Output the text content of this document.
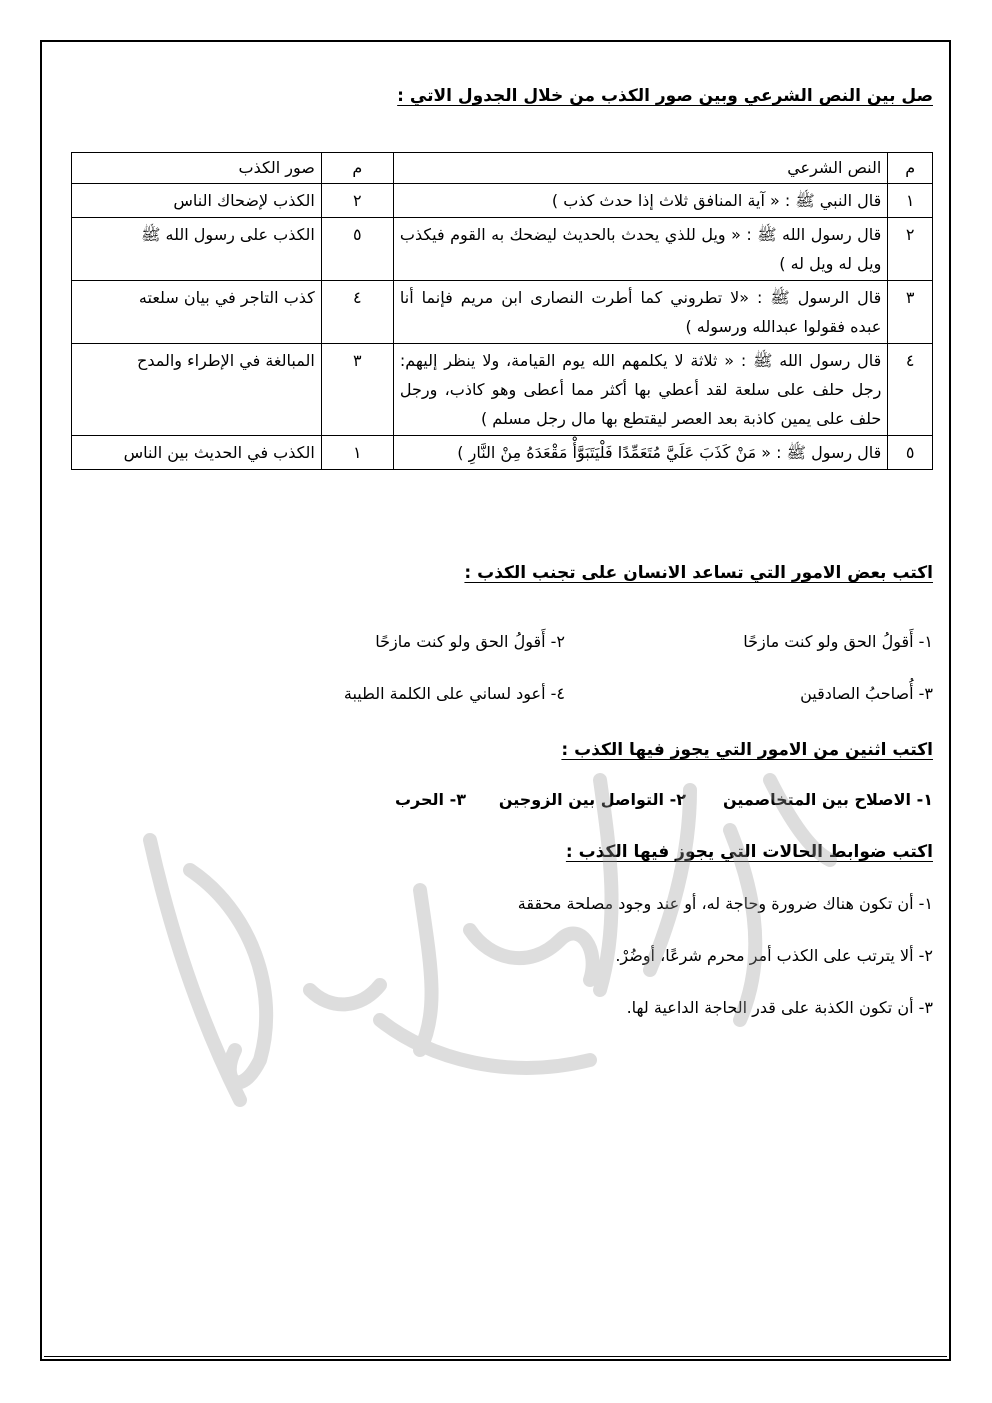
صل بين النص الشرعي وبين صور الكذب من خلال الجدول الاتي :
م	النص الشرعي	م	صور الكذب
١	قال النبي ﷺ : « آية المنافق ثلاث إذا حدث كذب )	٢	الكذب لإضحاك الناس
٢	قال رسول الله ﷺ : « ويل للذي يحدث بالحديث ليضحك به القوم فيكذب ويل له ويل له )	٥	الكذب على رسول الله ﷺ
٣	قال الرسول ﷺ : «لا تطروني كما أطرت النصارى ابن مريم فإنما أنا عبده فقولوا عبدالله ورسوله )	٤	كذب التاجر في بيان سلعته
٤	قال رسول الله ﷺ : « ثلاثة لا يكلمهم الله يوم القيامة، ولا ينظر إليهم: رجل حلف على سلعة لقد أعطي بها أكثر مما أعطى وهو كاذب، ورجل حلف على يمين كاذبة بعد العصر ليقتطع بها مال رجل مسلم )	٣	المبالغة في الإطراء والمدح
٥	قال رسول ﷺ : « مَنْ كَذَبَ عَلَيَّ مُتَعَمِّدًا فَلْيَتَبَوَّأْ مَقْعَدَهُ مِنْ النَّارِ )	١	الكذب في الحديث بين الناس
اكتب بعض الامور التي تساعد الانسان على تجنب الكذب :
١- أَقولُ الحق ولو كنت مازحًا
٢- أَقولُ الحق ولو كنت مازحًا
٣- أُصاحبُ الصادقين
٤- أعود لساني على الكلمة الطيبة
اكتب اثنين من الامور التي يجوز فيها الكذب :
١- الاصلاح بين المتخاصمين
٢- التواصل بين الزوجين
٣- الحرب
اكتب ضوابط الحالات التي يجوز فيها الكذب :
١- أن تكون هناك ضرورة وحاجة له، أو عند وجود مصلحة محققة
٢- ألا يترتب على الكذب أمر محرم شرعًا، أوضُرْ.
٣- أن تكون الكذبة على قدر الحاجة الداعية لها.
